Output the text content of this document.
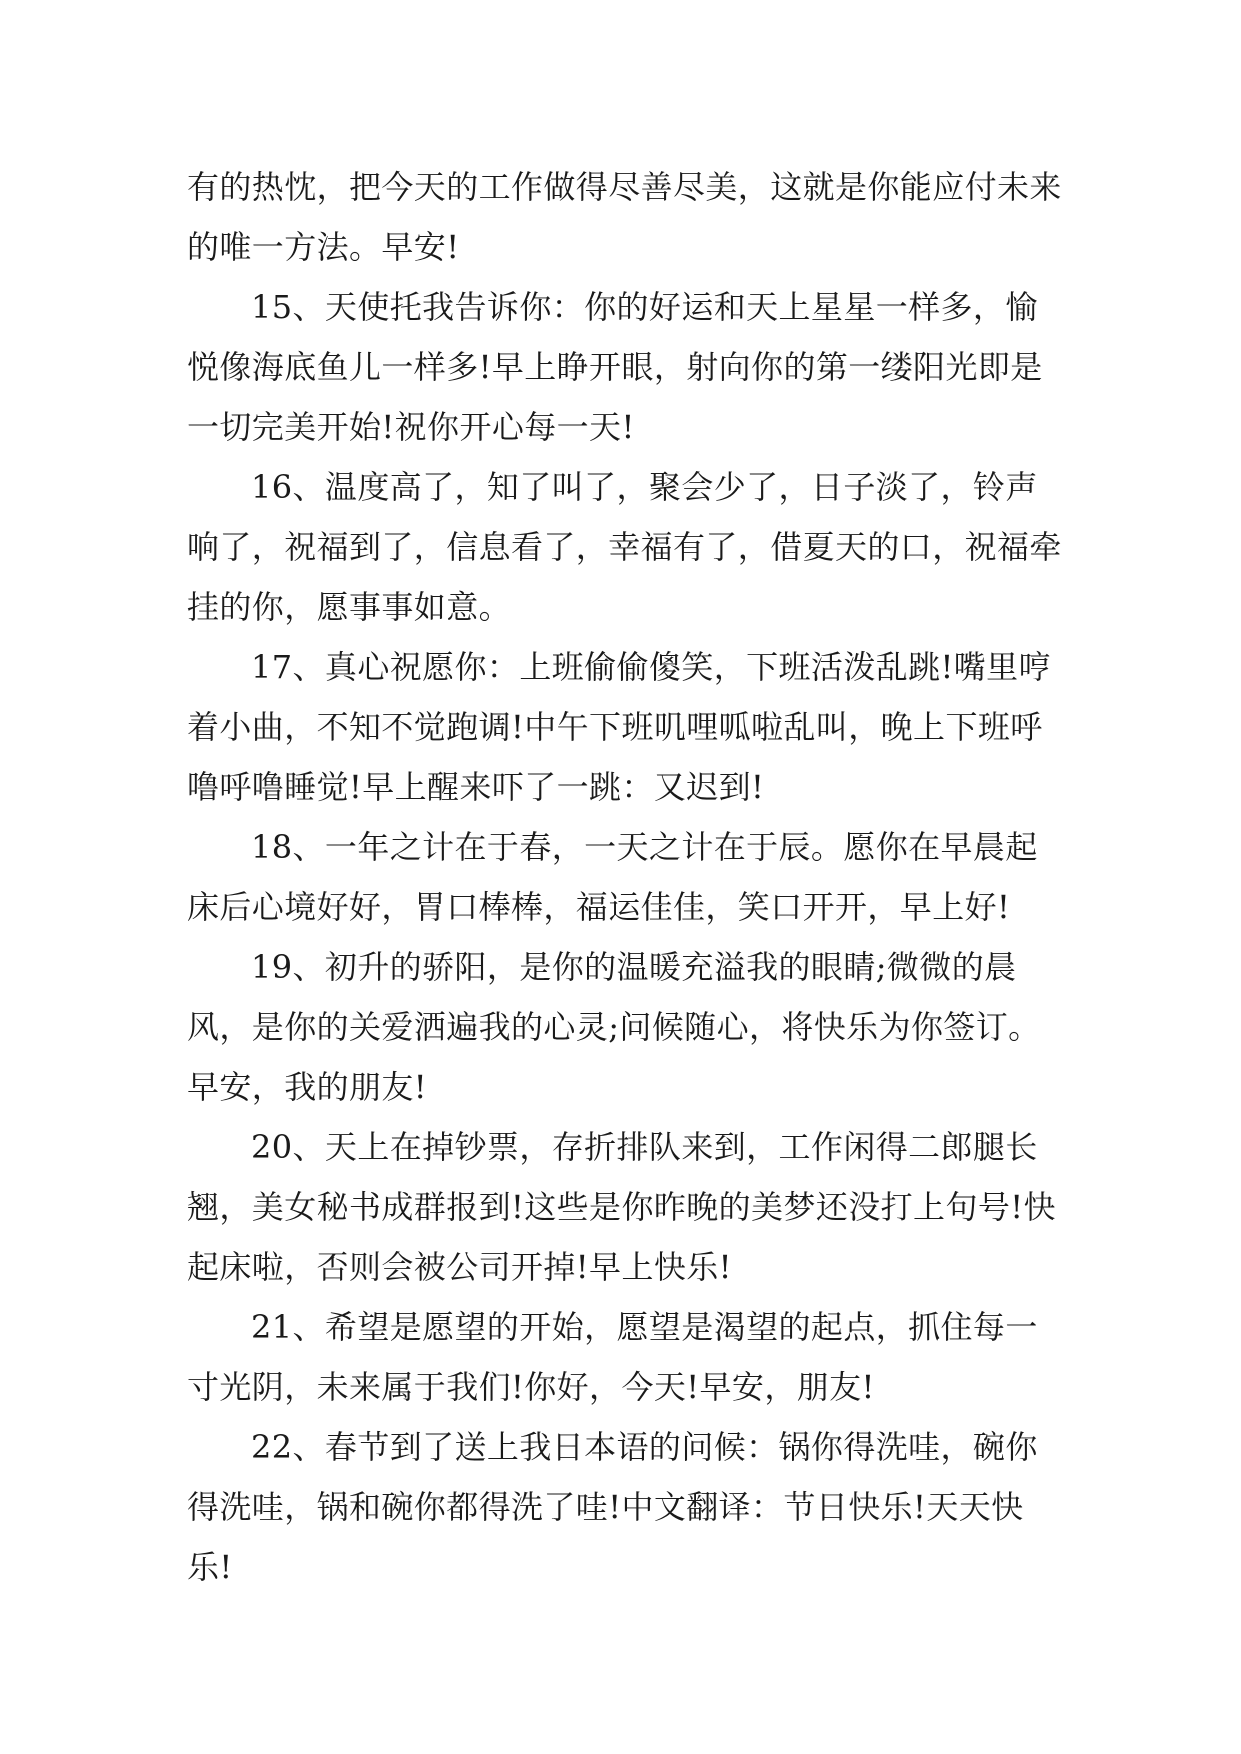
有的热忱，把今天的工作做得尽善尽美，这就是你能应付未来的唯一方法。早安!

15、天使托我告诉你：你的好运和天上星星一样多，愉悦像海底鱼儿一样多!早上睁开眼，射向你的第一缕阳光即是一切完美开始!祝你开心每一天!

16、温度高了，知了叫了，聚会少了，日子淡了，铃声响了，祝福到了，信息看了，幸福有了，借夏天的口，祝福牵挂的你，愿事事如意。

17、真心祝愿你：上班偷偷傻笑，下班活泼乱跳!嘴里哼着小曲，不知不觉跑调!中午下班叽哩呱啦乱叫，晚上下班呼噜呼噜睡觉!早上醒来吓了一跳：又迟到!

18、一年之计在于春，一天之计在于辰。愿你在早晨起床后心境好好，胃口棒棒，福运佳佳，笑口开开，早上好!

19、初升的骄阳，是你的温暖充溢我的眼睛;微微的晨风，是你的关爱洒遍我的心灵;问候随心，将快乐为你签订。早安，我的朋友!

20、天上在掉钞票，存折排队来到，工作闲得二郎腿长翘，美女秘书成群报到!这些是你昨晚的美梦还没打上句号!快起床啦，否则会被公司开掉!早上快乐!

21、希望是愿望的开始，愿望是渴望的起点，抓住每一寸光阴，未来属于我们!你好，今天!早安，朋友!

22、春节到了送上我日本语的问候：锅你得洗哇，碗你得洗哇，锅和碗你都得洗了哇!中文翻译：节日快乐!天天快乐!
